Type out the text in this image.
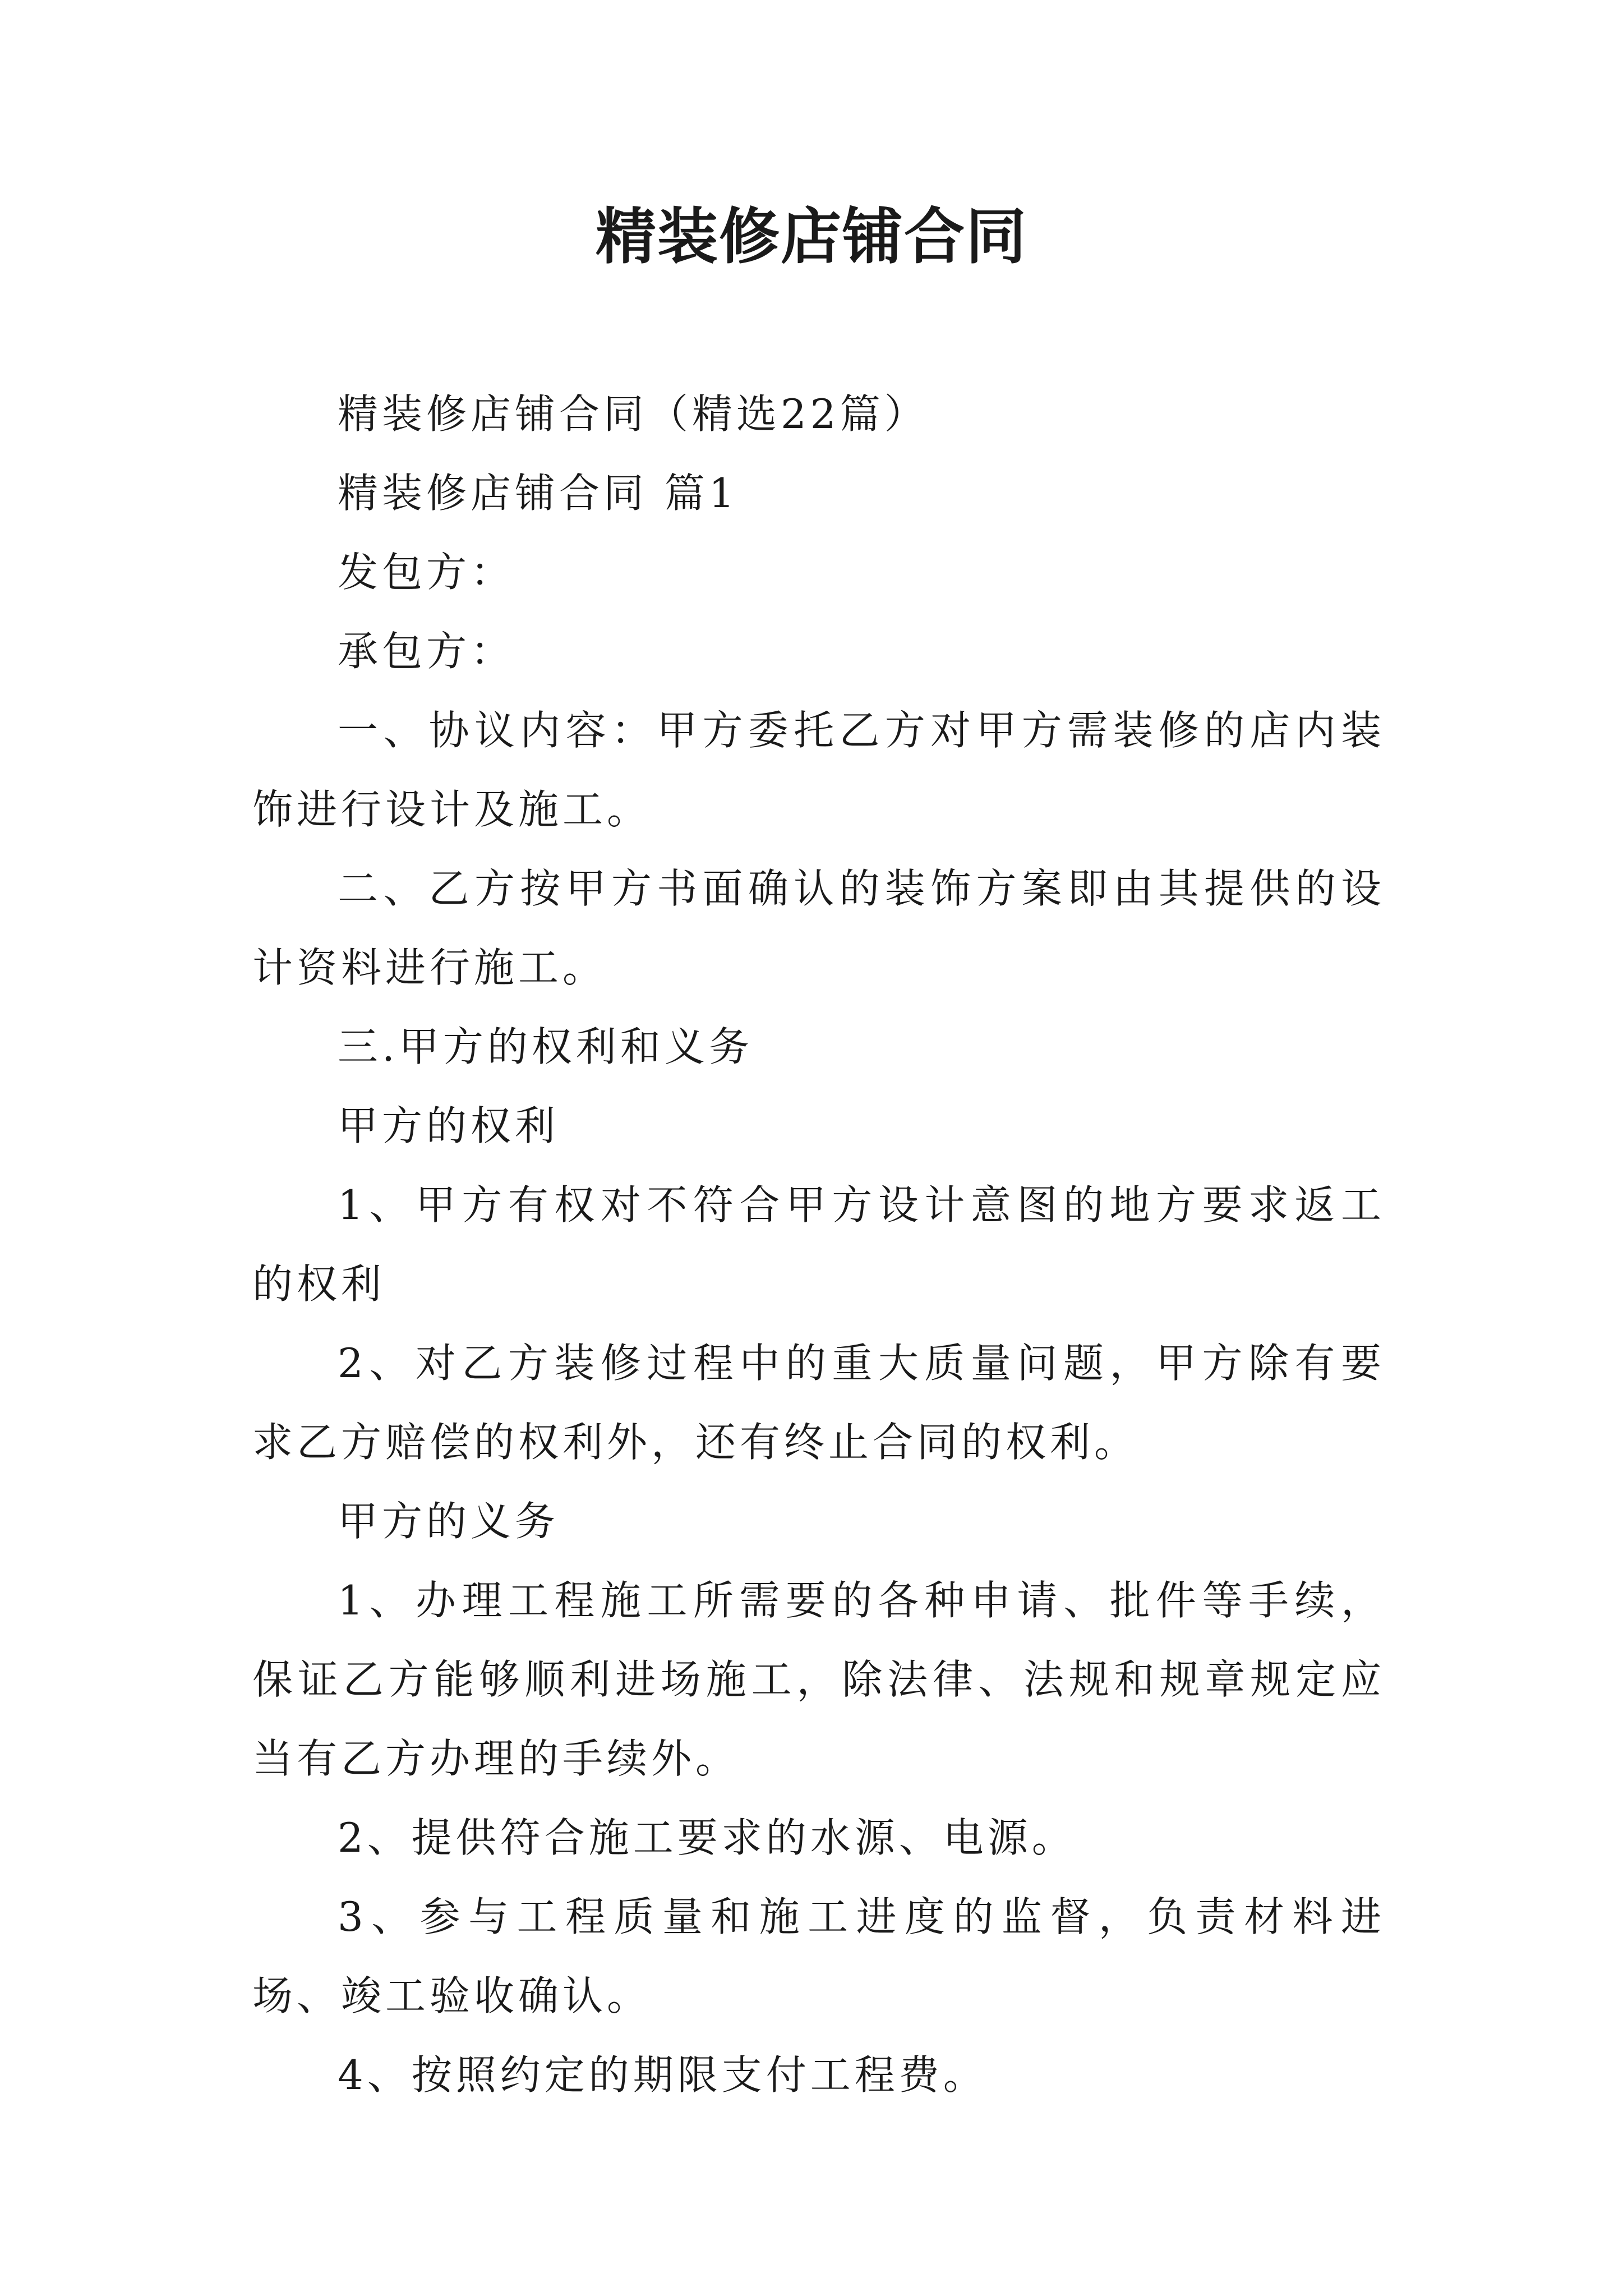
精装修店铺合同

精装修店铺合同（精选22篇）

精装修店铺合同 篇1

发包方：

承包方：

一、协议内容：甲方委托乙方对甲方需装修的店内装饰进行设计及施工。

二、乙方按甲方书面确认的装饰方案即由其提供的设计资料进行施工。

三.甲方的权利和义务

甲方的权利

1、甲方有权对不符合甲方设计意图的地方要求返工的权利

2、对乙方装修过程中的重大质量问题，甲方除有要求乙方赔偿的权利外，还有终止合同的权利。

甲方的义务

1、办理工程施工所需要的各种申请、批件等手续，保证乙方能够顺利进场施工，除法律、法规和规章规定应当有乙方办理的手续外。

2、提供符合施工要求的水源、电源。

3、参与工程质量和施工进度的监督，负责材料进场、竣工验收确认。

4、按照约定的期限支付工程费。
